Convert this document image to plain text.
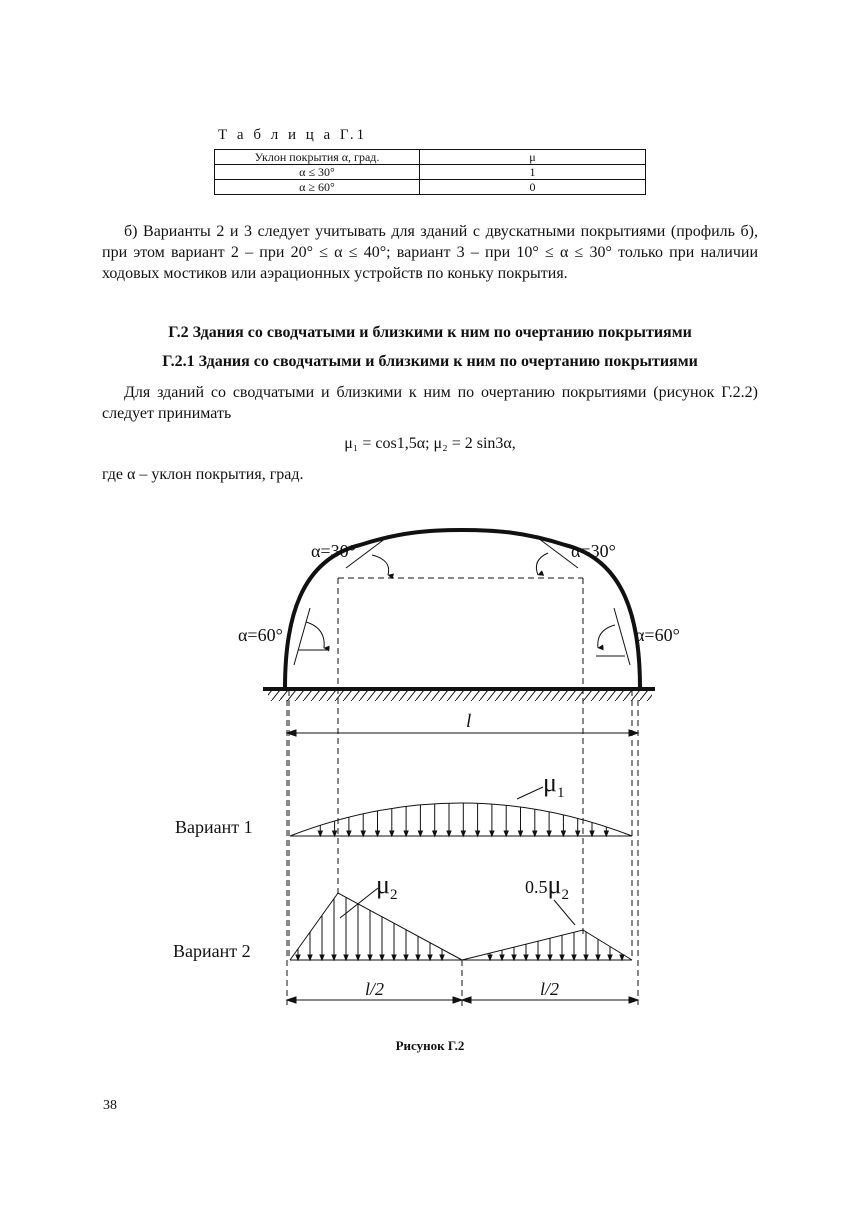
Т а б л и ц а Г.1
Уклон покрытия α, град.	μ
α ≤ 30°	1
α ≥ 60°	0
б) Варианты 2 и 3 следует учитывать для зданий с двускатными покрытиями (профиль б), при этом вариант 2 – при 20° ≤ α ≤ 40°; вариант 3 – при 10° ≤ α ≤ 30° только при наличии ходовых мостиков или аэрационных устройств по коньку покрытия.
Г.2 Здания со сводчатыми и близкими к ним по очертанию покрытиями
Г.2.1 Здания со сводчатыми и близкими к ним по очертанию покрытиями
Для зданий со сводчатыми и близкими к ним по очертанию покрытиями (рисунок Г.2.2) следует принимать
μ₁ = cos1,5α; μ₂ = 2 sin3α,
где α – уклон покрытия, град.
α=30°	α=30°
α=60°	α=60°
l
$\mu_1$
Вариант 1
$\mu_2$	$0.5\mu_2$
Вариант 2
l/2	l/2
Рисунок Г.2
38
